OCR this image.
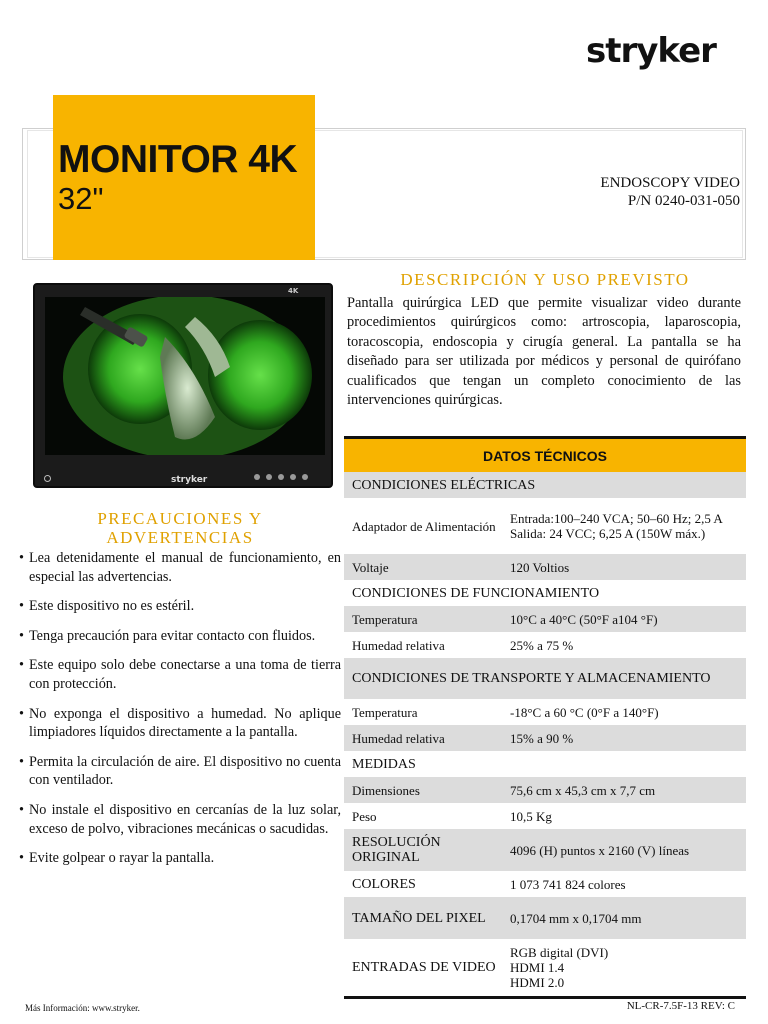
stryker
MONITOR 4K
32"	ENDOSCOPY VIDEO
P/N 0240-031-050
stryker
4K
DESCRIPCIÓN Y USO PREVISTO
Pantalla quirúrgica LED que permite visualizar video durante procedimientos quirúrgicos como: artroscopia, laparoscopia, toracoscopia, endoscopia y cirugía general. La pantalla se ha diseñado para ser utilizada por médicos y personal de quirófano cualificados que tengan un completo conocimiento de las intervenciones quirúrgicas.
PRECAUCIONES Y ADVERTENCIAS
• Lea detenidamente el manual de funcionamiento, en especial las advertencias.
• Este dispositivo no es estéril.
• Tenga precaución para evitar contacto con fluidos.
• Este equipo solo debe conectarse a una toma de tierra con protección.
• No exponga el dispositivo a humedad. No aplique limpiadores líquidos directamente a la pantalla.
• Permita la circulación de aire. El dispositivo no cuenta con ventilador.
• No instale el dispositivo en cercanías de la luz solar, exceso de polvo, vibraciones mecánicas o sacudidas.
• Evite golpear o rayar la pantalla.
DATOS TÉCNICOS
CONDICIONES ELÉCTRICAS
Adaptador de Alimentación	Entrada:100–240 VCA; 50–60 Hz; 2,5 A
Salida: 24 VCC; 6,25 A (150W máx.)
Voltaje	120 Voltios
CONDICIONES DE FUNCIONAMIENTO
Temperatura	10°C a 40°C (50°F a104 °F)
Humedad relativa	25% a 75 %
CONDICIONES DE TRANSPORTE Y ALMACENAMIENTO
Temperatura	-18°C a 60 °C (0°F a 140°F)
Humedad relativa	15% a 90 %
MEDIDAS
Dimensiones	75,6 cm x 45,3 cm x 7,7 cm
Peso	10,5 Kg
RESOLUCIÓN ORIGINAL	4096 (H) puntos x 2160 (V) líneas
COLORES	1 073 741 824 colores
TAMAÑO DEL PIXEL	0,1704 mm x 0,1704 mm
ENTRADAS DE VIDEO
RGB digital (DVI)
HDMI 1.4
HDMI 2.0
Más Información: www.stryker.	NL-CR-7.5F-13 REV: C
